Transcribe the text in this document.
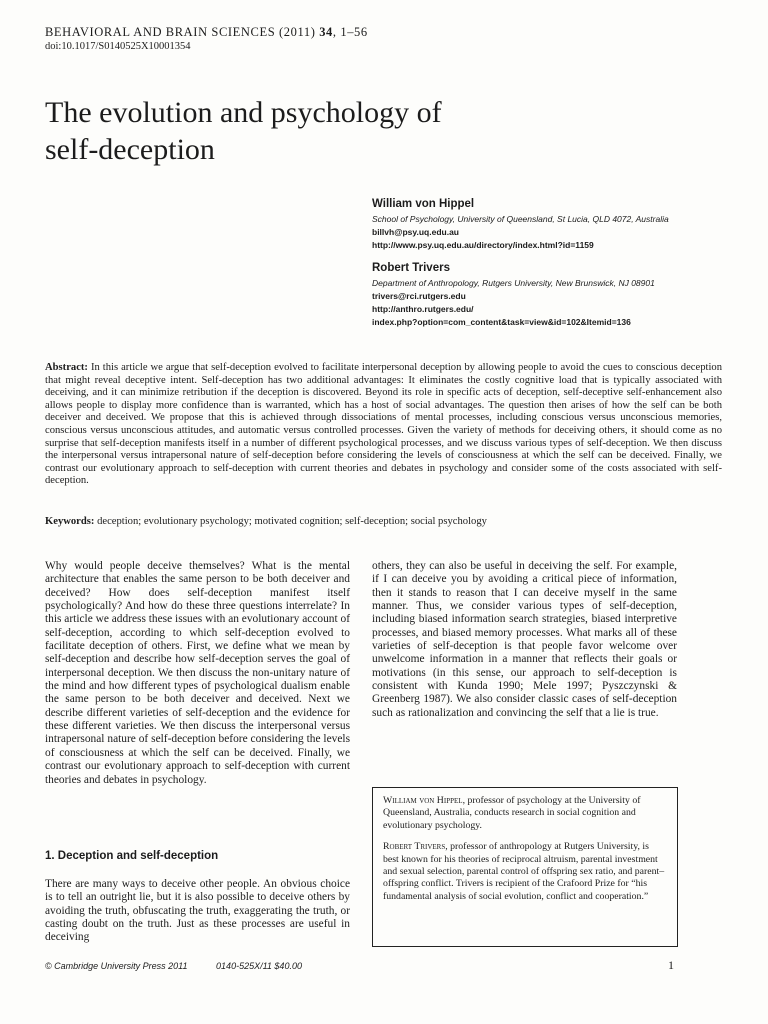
BEHAVIORAL AND BRAIN SCIENCES (2011) 34, 1–56
doi:10.1017/S0140525X10001354
The evolution and psychology of
self-deception
William von Hippel
School of Psychology, University of Queensland, St Lucia, QLD 4072, Australia
billvh@psy.uq.edu.au
http://www.psy.uq.edu.au/directory/index.html?id=1159
Robert Trivers
Department of Anthropology, Rutgers University, New Brunswick, NJ 08901
trivers@rci.rutgers.edu
http://anthro.rutgers.edu/
index.php?option=com_content&task=view&id=102&Itemid=136
Abstract: In this article we argue that self-deception evolved to facilitate interpersonal deception by allowing people to avoid the cues to conscious deception that might reveal deceptive intent. Self-deception has two additional advantages: It eliminates the costly cognitive load that is typically associated with deceiving, and it can minimize retribution if the deception is discovered. Beyond its role in specific acts of deception, self-deceptive self-enhancement also allows people to display more confidence than is warranted, which has a host of social advantages. The question then arises of how the self can be both deceiver and deceived. We propose that this is achieved through dissociations of mental processes, including conscious versus unconscious memories, conscious versus unconscious attitudes, and automatic versus controlled processes. Given the variety of methods for deceiving others, it should come as no surprise that self-deception manifests itself in a number of different psychological processes, and we discuss various types of self-deception. We then discuss the interpersonal versus intrapersonal nature of self-deception before considering the levels of consciousness at which the self can be deceived. Finally, we contrast our evolutionary approach to self-deception with current theories and debates in psychology and consider some of the costs associated with self-deception.
Keywords: deception; evolutionary psychology; motivated cognition; self-deception; social psychology
Why would people deceive themselves? What is the mental architecture that enables the same person to be both deceiver and deceived? How does self-deception manifest itself psychologically? And how do these three questions interrelate? In this article we address these issues with an evolutionary account of self-deception, according to which self-deception evolved to facilitate deception of others. First, we define what we mean by self-deception and describe how self-deception serves the goal of interpersonal deception. We then discuss the non-unitary nature of the mind and how different types of psychological dualism enable the same person to be both deceiver and deceived. Next we describe different varieties of self-deception and the evidence for these different varieties. We then discuss the interpersonal versus intrapersonal nature of self-deception before considering the levels of consciousness at which the self can be deceived. Finally, we contrast our evolutionary approach to self-deception with current theories and debates in psychology.
1. Deception and self-deception
There are many ways to deceive other people. An obvious choice is to tell an outright lie, but it is also possible to deceive others by avoiding the truth, obfuscating the truth, exaggerating the truth, or casting doubt on the truth. Just as these processes are useful in deceiving
others, they can also be useful in deceiving the self. For example, if I can deceive you by avoiding a critical piece of information, then it stands to reason that I can deceive myself in the same manner. Thus, we consider various types of self-deception, including biased information search strategies, biased interpretive processes, and biased memory processes. What marks all of these varieties of self-deception is that people favor welcome over unwelcome information in a manner that reflects their goals or motivations (in this sense, our approach to self-deception is consistent with Kunda 1990; Mele 1997; Pyszczynski & Greenberg 1987). We also consider classic cases of self-deception such as rationalization and convincing the self that a lie is true.

William von Hippel, professor of psychology at the University of Queensland, Australia, conducts research in social cognition and evolutionary psychology.

Robert Trivers, professor of anthropology at Rutgers University, is best known for his theories of reciprocal altruism, parental investment and sexual selection, parental control of offspring sex ratio, and parent–offspring conflict. Trivers is recipient of the Crafoord Prize for “his fundamental analysis of social evolution, conflict and cooperation.”

© Cambridge University Press 2011	0140-525X/11 $40.00	1
